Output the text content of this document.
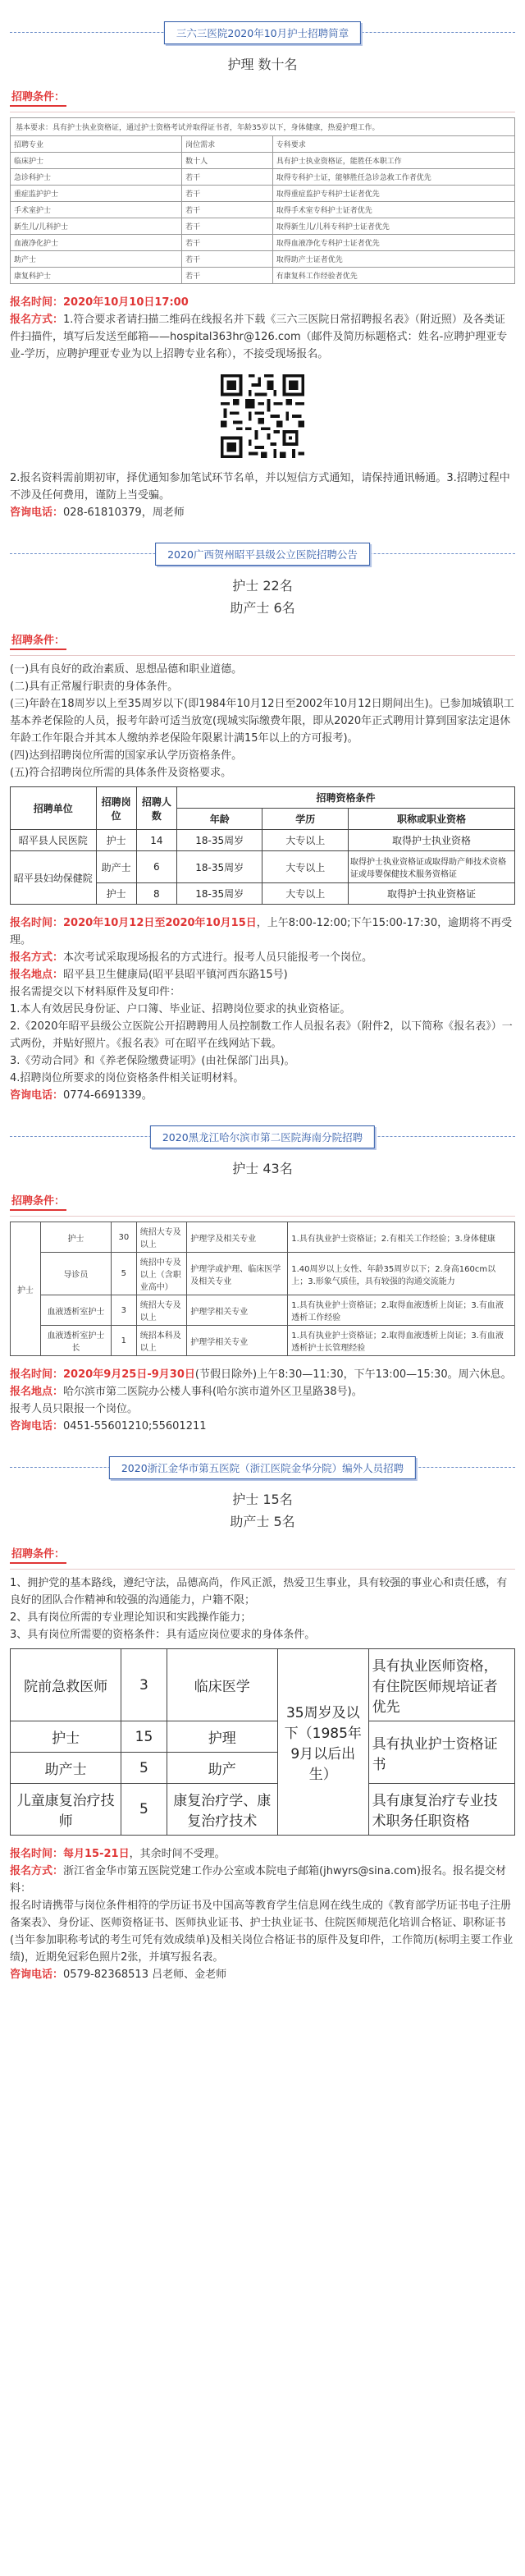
三六三医院2020年10月护士招聘简章
护理 数十名
招聘条件：
基本要求：具有护士执业资格证，通过护士资格考试并取得证书者，年龄35岁以下，身体健康，热爱护理工作。		
招聘专业	岗位需求	专科要求
临床护士	数十人	具有护士执业资格证，能胜任本职工作
急诊科护士	若干	取得专科护士证，能够胜任急诊急救工作者优先
重症监护护士	若干	取得重症监护专科护士证者优先
手术室护士	若干	取得手术室专科护士证者优先
新生儿/儿科护士	若干	取得新生儿/儿科专科护士证者优先
血液净化护士	若干	取得血液净化专科护士证者优先
助产士	若干	取得助产士证者优先
康复科护士	若干	有康复科工作经验者优先
报名时间：2020年10月10日17:00
报名方式：1.符合要求者请扫描二维码在线报名并下载《三六三医院日常招聘报名表》（附近照）及各类证件扫描件，填写后发送至邮箱——hospital363hr@126.com（邮件及简历标题格式：姓名-应聘护理亚专业-学历，应聘护理亚专业为以上招聘专业名称），不接受现场报名。
2.报名资料需前期初审，择优通知参加笔试环节名单，并以短信方式通知，请保持通讯畅通。3.招聘过程中不涉及任何费用，谨防上当受骗。
咨询电话：028-61810379，周老师
2020广西贺州昭平县级公立医院招聘公告
护士 22名
助产士 6名
招聘条件：
(一)具有良好的政治素质、思想品德和职业道德。
(二)具有正常履行职责的身体条件。
(三)年龄在18周岁以上至35周岁以下(即1984年10月12日至2002年10月12日期间出生)。已参加城镇职工基本养老保险的人员，报考年龄可适当放宽(现城实际缴费年限，即从2020年正式聘用计算到国家法定退休年龄工作年限合并其本人缴纳养老保险年限累计满15年以上的方可报考)。
(四)达到招聘岗位所需的国家承认学历资格条件。
(五)符合招聘岗位所需的具体条件及资格要求。
招聘单位	招聘岗位	招聘人数	招聘资格条件		
			年龄	学历	职称或职业资格
昭平县人民医院	护士	14	18-35周岁	大专以上	取得护士执业资格
昭平县妇幼保健院	助产士	6	18-35周岁	大专以上	取得护士执业资格证或取得助产师技术资格证或母婴保健技术服务资格证
	护士	8	18-35周岁	大专以上	取得护士执业资格证
报名时间：2020年10月12日至2020年10月15日，上午8:00-12:00;下午15:00-17:30，逾期将不再受理。
报名方式：本次考试采取现场报名的方式进行。报考人员只能报考一个岗位。
报名地点：昭平县卫生健康局(昭平县昭平镇河西东路15号)
报名需提交以下材料原件及复印件：
1.本人有效居民身份证、户口簿、毕业证、招聘岗位要求的执业资格证。
2.《2020年昭平县级公立医院公开招聘聘用人员控制数工作人员报名表》（附件2，以下简称《报名表》）一式两份，并贴好照片。《报名表》可在昭平在线网站下载。
3.《劳动合同》和《养老保险缴费证明》(由社保部门出具)。
4.招聘岗位所要求的岗位资格条件相关证明材料。
咨询电话：0774-6691339。
2020黑龙江哈尔滨市第二医院海南分院招聘
护士 43名
招聘条件：
护士	护士	30	统招大专及以上	护理学及相关专业	1.具有执业护士资格证；2.有相关工作经验；3.身体健康
	导诊员	5	统招中专及以上（含职业高中）	护理学或护理、临床医学及相关专业	1.40周岁以上女性、年龄35周岁以下；2.身高160cm以上；3.形象气质佳，具有较强的沟通交流能力
	血液透析室护士	3	统招大专及以上	护理学相关专业	1.具有执业护士资格证；2.取得血液透析上岗证；3.有血液透析工作经验
	血液透析室护士长	1	统招本科及以上	护理学相关专业	1.具有执业护士资格证；2.取得血液透析上岗证；3.有血液透析护士长管理经验
报名时间：2020年9月25日-9月30日(节假日除外)上午8:30—11:30，下午13:00—15:30。周六休息。
报名地点：哈尔滨市第二医院办公楼人事科(哈尔滨市道外区卫星路38号)。
报考人员只限报一个岗位。
咨询电话：0451-55601210;55601211
2020浙江金华市第五医院（浙江医院金华分院）编外人员招聘
护士 15名
助产士 5名
招聘条件：
1、拥护党的基本路线，遵纪守法，品德高尚，作风正派，热爱卫生事业，具有较强的事业心和责任感，有良好的团队合作精神和较强的沟通能力，户籍不限；
2、具有岗位所需的专业理论知识和实践操作能力；
3、具有岗位所需要的资格条件：具有适应岗位要求的身体条件。
院前急救医师	3	临床医学	35周岁及以下（1985年9月以后出生）	具有执业医师资格，有住院医师规培证者优先
护士	15	护理		具有执业护士资格证书
助产士	5	助产		
儿童康复治疗技师	5	康复治疗学、康复治疗技术		具有康复治疗专业技术职务任职资格
报名时间：每月15-21日，其余时间不受理。
报名方式：浙江省金华市第五医院党建工作办公室或本院电子邮箱(jhwyrs@sina.com)报名。报名提交材料：
报名时请携带与岗位条件相符的学历证书及中国高等教育学生信息网在线生成的《教育部学历证书电子注册备案表》、身份证、医师资格证书、医师执业证书、护士执业证书、住院医师规范化培训合格证、职称证书(当年参加职称考试的考生可凭有效成绩单)及相关岗位合格证书的原件及复印件，工作简历(标明主要工作业绩)，近期免冠彩色照片2张，并填写报名表。
咨询电话：0579-82368513 吕老师、金老师
